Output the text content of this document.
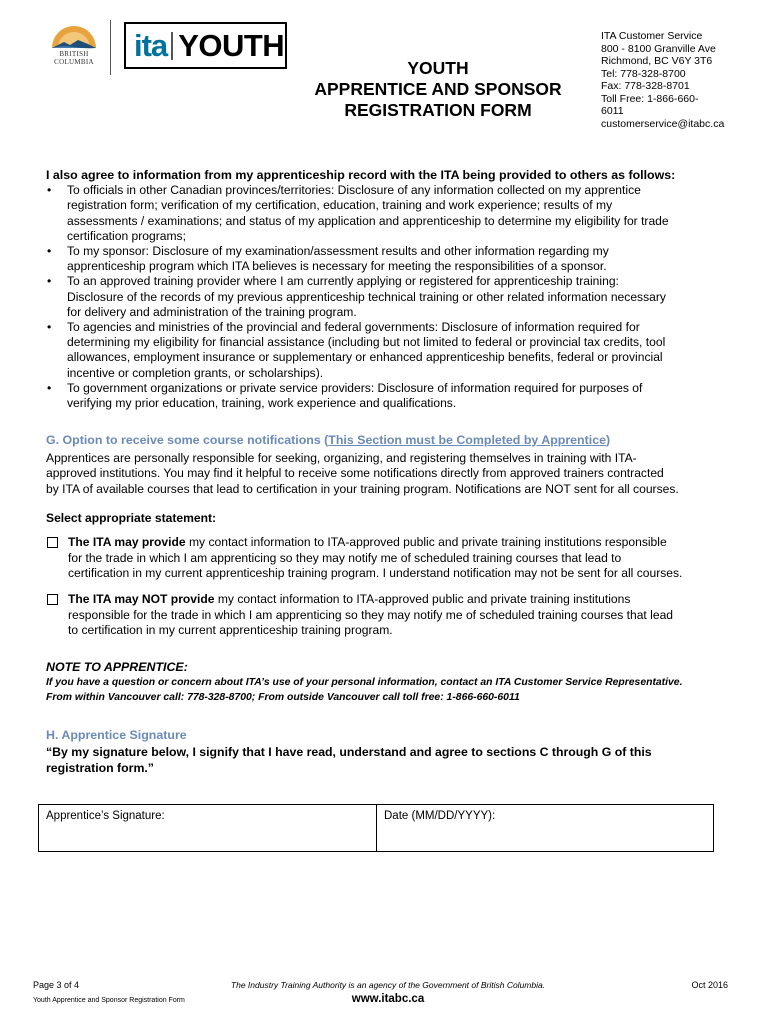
BRITISH
COLUMBIA	ita YOUTH
YOUTH
APPRENTICE AND SPONSOR
REGISTRATION FORM
ITA Customer Service
800 - 8100 Granville Ave
Richmond, BC V6Y 3T6
Tel: 778-328-8700
Fax: 778-328-8701
Toll Free: 1-866-660-
6011
customerservice@itabc.ca
I also agree to information from my apprenticeship record with the ITA being provided to others as follows:
• To officials in other Canadian provinces/territories: Disclosure of any information collected on my apprentice
registration form; verification of my certification, education, training and work experience; results of my
assessments / examinations; and status of my application and apprenticeship to determine my eligibility for trade
certification programs;
• To my sponsor: Disclosure of my examination/assessment results and other information regarding my
apprenticeship program which ITA believes is necessary for meeting the responsibilities of a sponsor.
• To an approved training provider where I am currently applying or registered for apprenticeship training:
Disclosure of the records of my previous apprenticeship technical training or other related information necessary
for delivery and administration of the training program.
• To agencies and ministries of the provincial and federal governments: Disclosure of information required for
determining my eligibility for financial assistance (including but not limited to federal or provincial tax credits, tool
allowances, employment insurance or supplementary or enhanced apprenticeship benefits, federal or provincial
incentive or completion grants, or scholarships).
• To government organizations or private service providers: Disclosure of information required for purposes of
verifying my prior education, training, work experience and qualifications.
G. Option to receive some course notifications (This Section must be Completed by Apprentice)
Apprentices are personally responsible for seeking, organizing, and registering themselves in training with ITA-
approved institutions. You may find it helpful to receive some notifications directly from approved trainers contracted
by ITA of available courses that lead to certification in your training program. Notifications are NOT sent for all courses.
Select appropriate statement:
The ITA may provide my contact information to ITA-approved public and private training institutions responsible
for the trade in which I am apprenticing so they may notify me of scheduled training courses that lead to
certification in my current apprenticeship training program. I understand notification may not be sent for all courses.
The ITA may NOT provide my contact information to ITA-approved public and private training institutions
responsible for the trade in which I am apprenticing so they may notify me of scheduled training courses that lead
to certification in my current apprenticeship training program.
NOTE TO APPRENTICE:
If you have a question or concern about ITA’s use of your personal information, contact an ITA Customer Service Representative.
From within Vancouver call: 778-328-8700; From outside Vancouver call toll free: 1-866-660-6011
H. Apprentice Signature
“By my signature below, I signify that I have read, understand and agree to sections C through G of this
registration form.”
Apprentice’s Signature:	Date (MM/DD/YYYY):
Page 3 of 4
Youth Apprentice and Sponsor Registration Form
The Industry Training Authority is an agency of the Government of British Columbia.
www.itabc.ca
Oct 2016
